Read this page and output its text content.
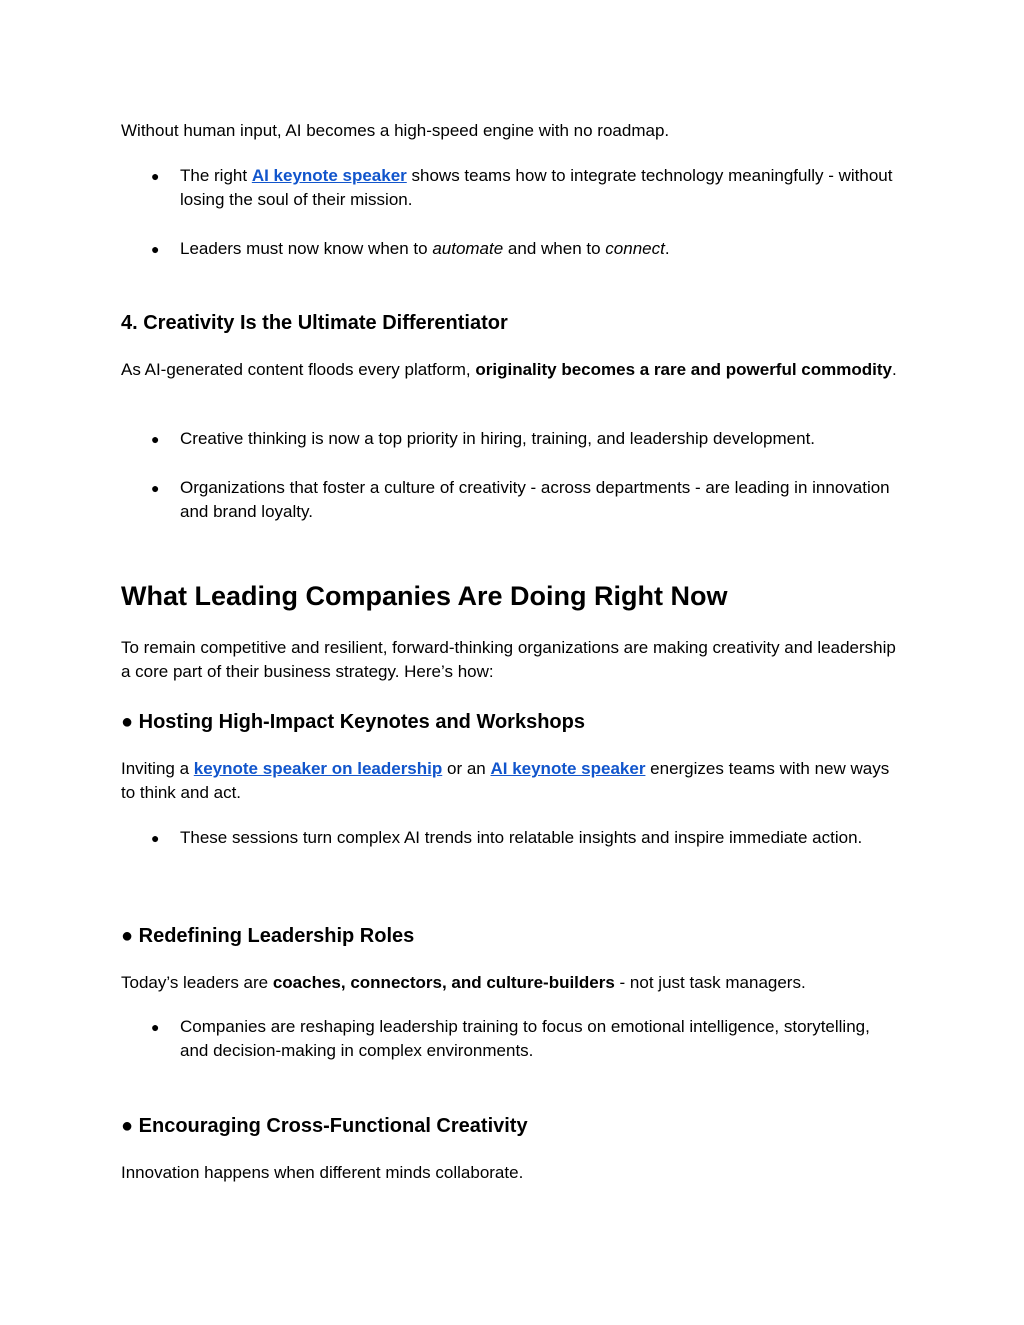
Without human input, AI becomes a high-speed engine with no roadmap.

● The right AI keynote speaker shows teams how to integrate technology meaningfully - without losing the soul of their mission.
● Leaders must now know when to automate and when to connect.
4. Creativity Is the Ultimate Differentiator

As AI-generated content floods every platform, originality becomes a rare and powerful commodity.

● Creative thinking is now a top priority in hiring, training, and leadership development.
● Organizations that foster a culture of creativity - across departments - are leading in innovation and brand loyalty.
What Leading Companies Are Doing Right Now

To remain competitive and resilient, forward-thinking organizations are making creativity and leadership a core part of their business strategy. Here’s how:

● Hosting High-Impact Keynotes and Workshops

Inviting a keynote speaker on leadership or an AI keynote speaker energizes teams with new ways to think and act.

● These sessions turn complex AI trends into relatable insights and inspire immediate action.
● Redefining Leadership Roles

Today’s leaders are coaches, connectors, and culture-builders - not just task managers.

● Companies are reshaping leadership training to focus on emotional intelligence, storytelling, and decision-making in complex environments.
● Encouraging Cross-Functional Creativity

Innovation happens when different minds collaborate.
